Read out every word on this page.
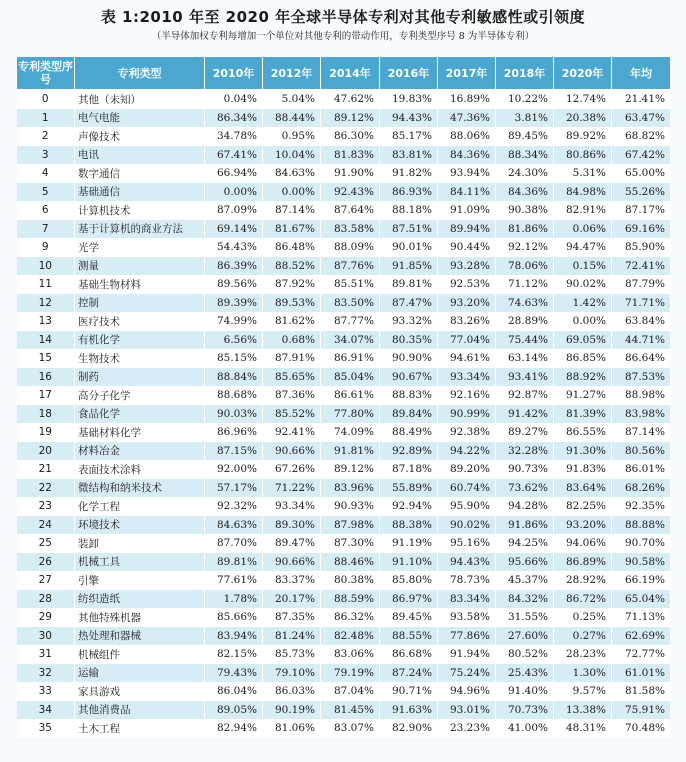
表 1:2010 年至 2020 年全球半导体专利对其他专利敏感性或引领度
（半导体加权专利每增加一个单位对其他专利的带动作用，专利类型序号 8 为半导体专利）
专利类型序号	专利类型	2010年	2012年	2014年	2016年	2017年	2018年	2020年	年均
0	其他（未知）	0.04%	5.04%	47.62%	19.83%	16.89%	10.22%	12.74%	21.41%
1	电气电能	86.34%	88.44%	89.12%	94.43%	47.36%	3.81%	20.38%	63.47%
2	声像技术	34.78%	0.95%	86.30%	85.17%	88.06%	89.45%	89.92%	68.82%
3	电讯	67.41%	10.04%	81.83%	83.81%	84.36%	88.34%	80.86%	67.42%
4	数字通信	66.94%	84.63%	91.90%	91.82%	93.94%	24.30%	5.31%	65.00%
5	基础通信	0.00%	0.00%	92.43%	86.93%	84.11%	84.36%	84.98%	55.26%
6	计算机技术	87.09%	87.14%	87.64%	88.18%	91.09%	90.38%	82.91%	87.17%
7	基于计算机的商业方法	69.14%	81.67%	83.58%	87.51%	89.94%	81.86%	0.06%	69.16%
9	光学	54.43%	86.48%	88.09%	90.01%	90.44%	92.12%	94.47%	85.90%
10	测量	86.39%	88.52%	87.76%	91.85%	93.28%	78.06%	0.15%	72.41%
11	基础生物材料	89.56%	87.92%	85.51%	89.81%	92.53%	71.12%	90.02%	87.79%
12	控制	89.39%	89.53%	83.50%	87.47%	93.20%	74.63%	1.42%	71.71%
13	医疗技术	74.99%	81.62%	87.77%	93.32%	83.26%	28.89%	0.00%	63.84%
14	有机化学	6.56%	0.68%	34.07%	80.35%	77.04%	75.44%	69.05%	44.71%
15	生物技术	85.15%	87.91%	86.91%	90.90%	94.61%	63.14%	86.85%	86.64%
16	制药	88.84%	85.65%	85.04%	90.67%	93.34%	93.41%	88.92%	87.53%
17	高分子化学	88.68%	87.36%	86.61%	88.83%	92.16%	92.87%	91.27%	88.98%
18	食品化学	90.03%	85.52%	77.80%	89.84%	90.99%	91.42%	81.39%	83.98%
19	基础材料化学	86.96%	92.41%	74.09%	88.49%	92.38%	89.27%	86.55%	87.14%
20	材料冶金	87.15%	90.66%	91.81%	92.89%	94.22%	32.28%	91.30%	80.56%
21	表面技术涂料	92.00%	67.26%	89.12%	87.18%	89.20%	90.73%	91.83%	86.01%
22	微结构和纳米技术	57.17%	71.22%	83.96%	55.89%	60.74%	73.62%	83.64%	68.26%
23	化学工程	92.32%	93.34%	90.93%	92.94%	95.90%	94.28%	82.25%	92.35%
24	环境技术	84.63%	89.30%	87.98%	88.38%	90.02%	91.86%	93.20%	88.88%
25	装卸	87.70%	89.47%	87.30%	91.19%	95.16%	94.25%	94.06%	90.70%
26	机械工具	89.81%	90.66%	88.46%	91.10%	94.43%	95.66%	86.89%	90.58%
27	引擎	77.61%	83.37%	80.38%	85.80%	78.73%	45.37%	28.92%	66.19%
28	纺织造纸	1.78%	20.17%	88.59%	86.97%	83.34%	84.32%	86.72%	65.04%
29	其他特殊机器	85.66%	87.35%	86.32%	89.45%	93.58%	31.55%	0.25%	71.13%
30	热处理和器械	83.94%	81.24%	82.48%	88.55%	77.86%	27.60%	0.27%	62.69%
31	机械组件	82.15%	85.73%	83.06%	86.68%	91.94%	80.52%	28.23%	72.77%
32	运输	79.43%	79.10%	79.19%	87.24%	75.24%	25.43%	1.30%	61.01%
33	家具游戏	86.04%	86.03%	87.04%	90.71%	94.96%	91.40%	9.57%	81.58%
34	其他消费品	89.05%	90.19%	81.45%	91.63%	93.01%	70.73%	13.38%	75.91%
35	土木工程	82.94%	81.06%	83.07%	82.90%	23.23%	41.00%	48.31%	70.48%
